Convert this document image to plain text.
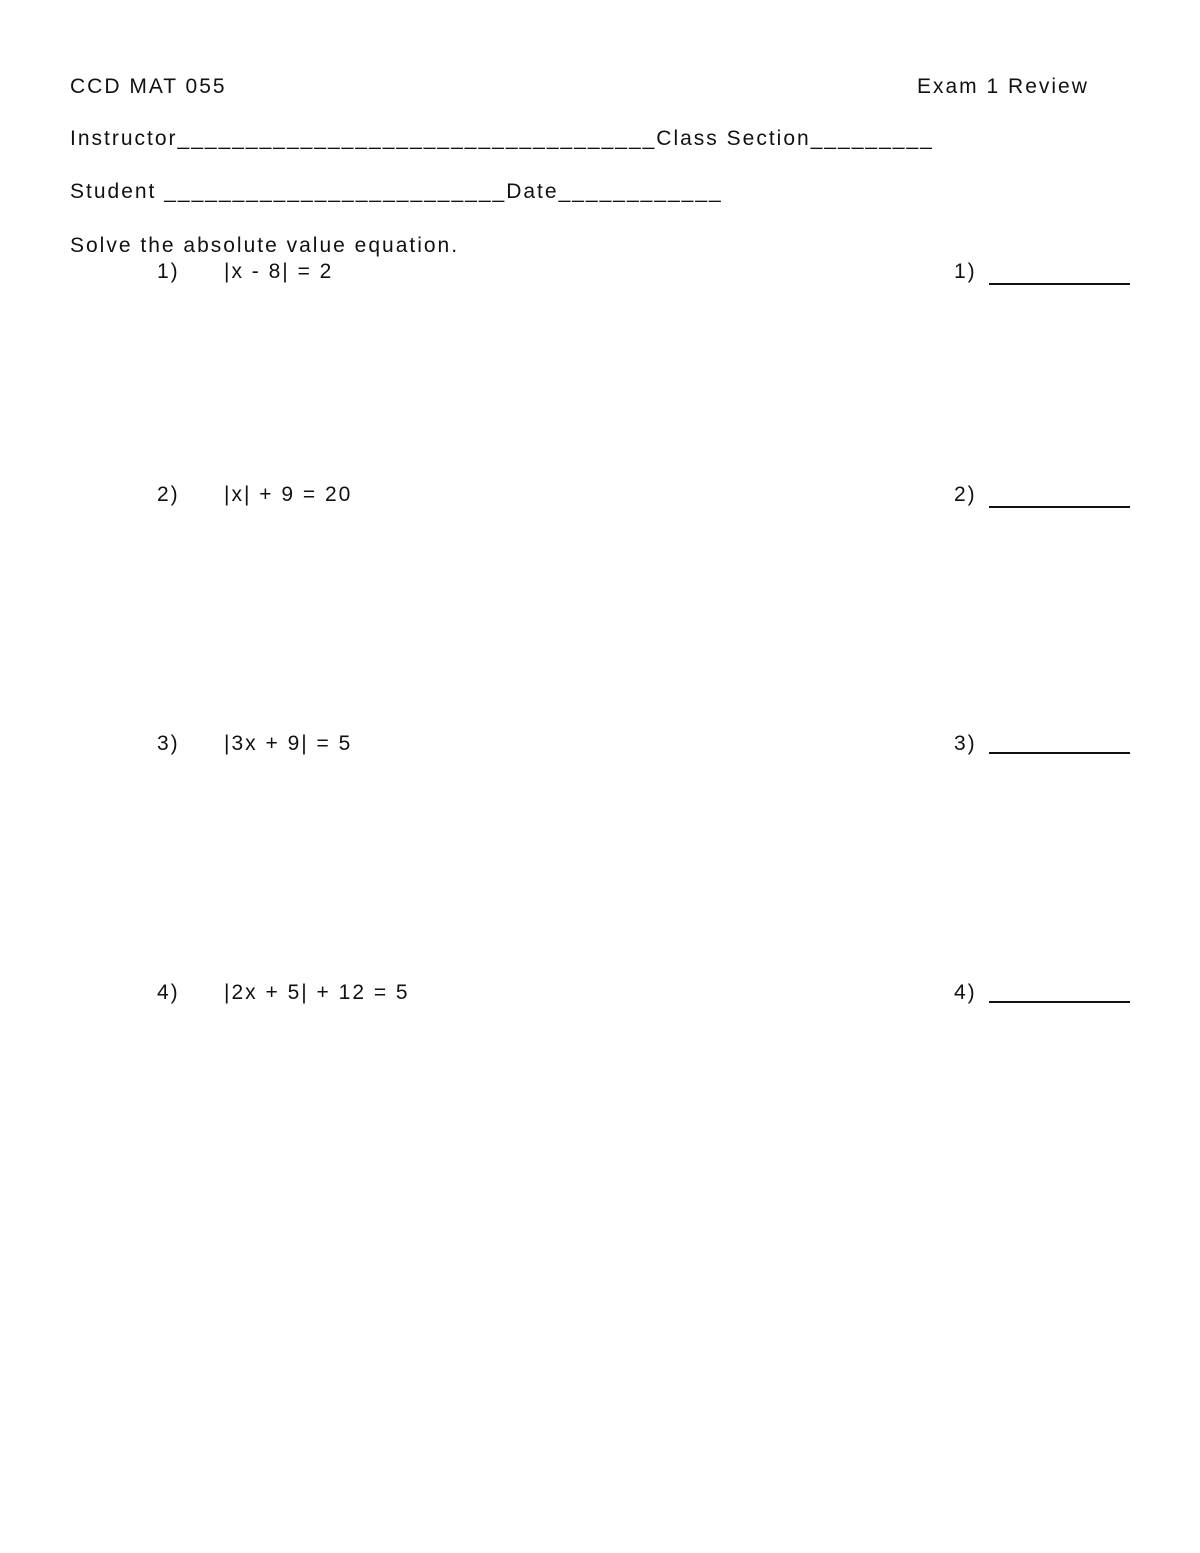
CCD MAT 055	Exam 1 Review
Instructor___________________________________Class Section_________
Student _________________________Date____________
Solve the absolute value equation.
1) |x - 8| = 2	1)
2) |x| + 9 = 20	2)
3) |3x + 9| = 5	3)
4) |2x + 5| + 12 = 5	4)
